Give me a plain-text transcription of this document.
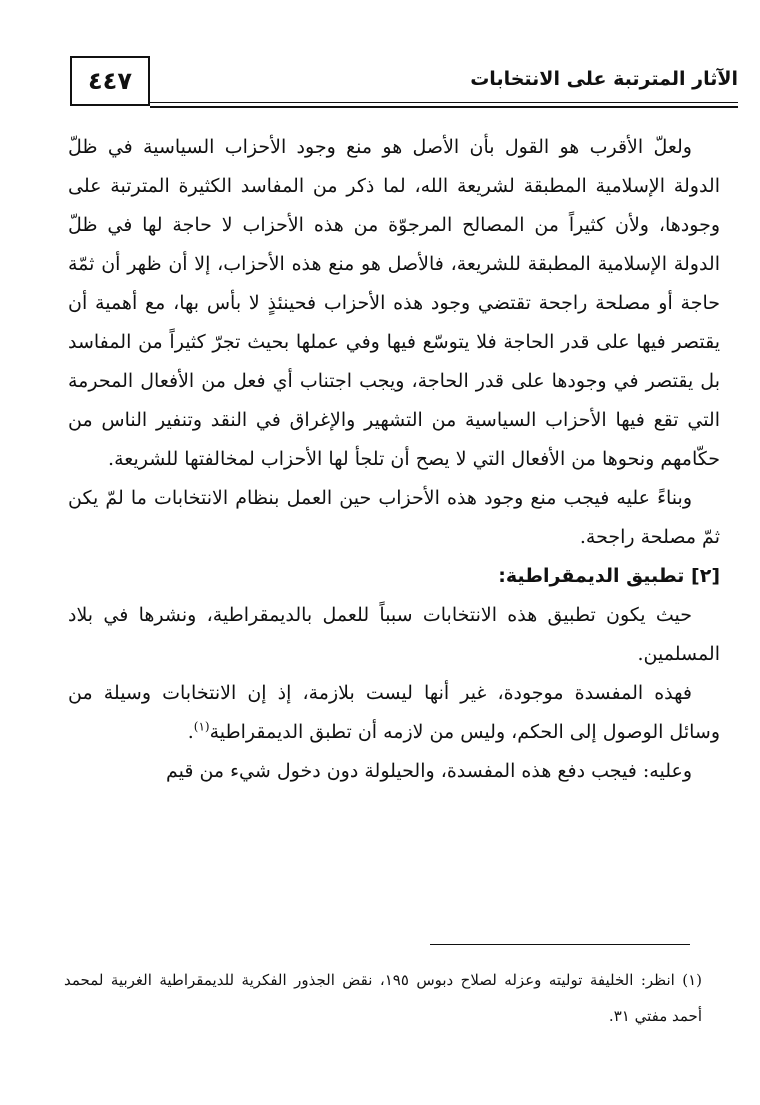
٤٤٧	الآثار المترتبة على الانتخابات

ولعلّ الأقرب هو القول بأن الأصل هو منع وجود الأحزاب السياسية في ظلّ الدولة الإسلامية المطبقة لشريعة الله، لما ذكر من المفاسد الكثيرة المترتبة على وجودها، ولأن كثيراً من المصالح المرجوّة من هذه الأحزاب لا حاجة لها في ظلّ الدولة الإسلامية المطبقة للشريعة، فالأصل هو منع هذه الأحزاب، إلا أن ظهر أن ثمّة حاجة أو مصلحة راجحة تقتضي وجود هذه الأحزاب فحينئذٍ لا بأس بها، مع أهمية أن يقتصر فيها على قدر الحاجة فلا يتوسّع فيها وفي عملها بحيث تجرّ كثيراً من المفاسد بل يقتصر في وجودها على قدر الحاجة، ويجب اجتناب أي فعل من الأفعال المحرمة التي تقع فيها الأحزاب السياسية من التشهير والإغراق في النقد وتنفير الناس من حكّامهم ونحوها من الأفعال التي لا يصح أن تلجأ لها الأحزاب لمخالفتها للشريعة.

وبناءً عليه فيجب منع وجود هذه الأحزاب حين العمل بنظام الانتخابات ما لمّ يكن ثمّ مصلحة راجحة.

[٢] تطبيق الديمقراطية:

حيث يكون تطبيق هذه الانتخابات سبباً للعمل بالديمقراطية، ونشرها في بلاد المسلمين.

فهذه المفسدة موجودة، غير أنها ليست بلازمة، إذ إن الانتخابات وسيلة من وسائل الوصول إلى الحكم، وليس من لازمه أن تطبق الديمقراطية$^{(١)}$.

وعليه: فيجب دفع هذه المفسدة، والحيلولة دون دخول شيء من قيم

(١) انظر: الخليفة توليته وعزله لصلاح دبوس ١٩٥، نقض الجذور الفكرية للديمقراطية الغربية لمحمد أحمد مفتي ٣١.
